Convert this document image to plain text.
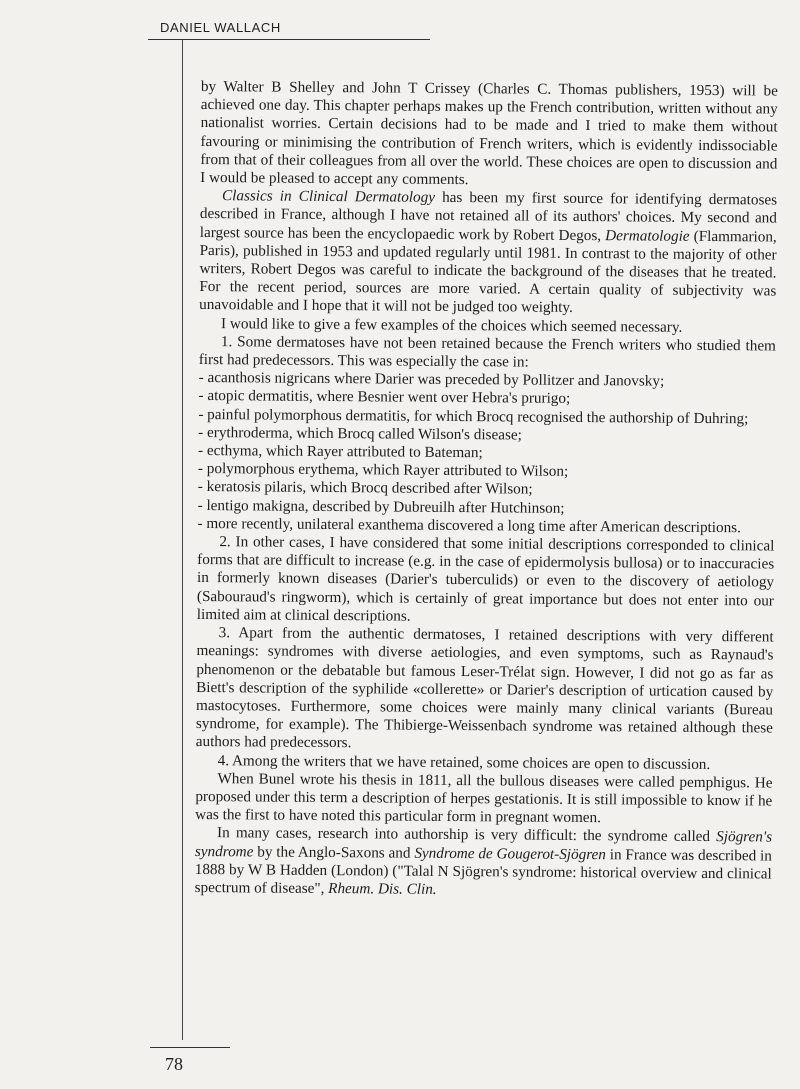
DANIEL WALLACH

by Walter B Shelley and John T Crissey (Charles C. Thomas publishers, 1953) will be achieved one day. This chapter perhaps makes up the French contribution, written without any nationalist worries. Certain decisions had to be made and I tried to make them without favouring or minimising the contribution of French writers, which is evidently indissociable from that of their colleagues from all over the world. These choices are open to discussion and I would be pleased to accept any comments.

Classics in Clinical Dermatology has been my first source for identifying dermatoses described in France, although I have not retained all of its authors' choices. My second and largest source has been the encyclopaedic work by Robert Degos, Dermatologie (Flammarion, Paris), published in 1953 and updated regularly until 1981. In contrast to the majority of other writers, Robert Degos was careful to indicate the background of the diseases that he treated. For the recent period, sources are more varied. A certain quality of subjectivity was unavoidable and I hope that it will not be judged too weighty.

I would like to give a few examples of the choices which seemed necessary.

1. Some dermatoses have not been retained because the French writers who studied them first had predecessors. This was especially the case in:

- acanthosis nigricans where Darier was preceded by Pollitzer and Janovsky;

- atopic dermatitis, where Besnier went over Hebra's prurigo;

- painful polymorphous dermatitis, for which Brocq recognised the authorship of Duhring;

- erythroderma, which Brocq called Wilson's disease;

- ecthyma, which Rayer attributed to Bateman;

- polymorphous erythema, which Rayer attributed to Wilson;

- keratosis pilaris, which Brocq described after Wilson;

- lentigo makigna, described by Dubreuilh after Hutchinson;

- more recently, unilateral exanthema discovered a long time after American descriptions.

2. In other cases, I have considered that some initial descriptions corresponded to clinical forms that are difficult to increase (e.g. in the case of epidermolysis bullosa) or to inaccuracies in formerly known diseases (Darier's tuberculids) or even to the discovery of aetiology (Sabouraud's ringworm), which is certainly of great importance but does not enter into our limited aim at clinical descriptions.

3. Apart from the authentic dermatoses, I retained descriptions with very different meanings: syndromes with diverse aetiologies, and even symptoms, such as Raynaud's phenomenon or the debatable but famous Leser-Trélat sign. However, I did not go as far as Biett's description of the syphilide «collerette» or Darier's description of urtication caused by mastocytoses. Furthermore, some choices were mainly many clinical variants (Bureau syndrome, for example). The Thibierge-Weissenbach syndrome was retained although these authors had predecessors.

4. Among the writers that we have retained, some choices are open to discussion.

When Bunel wrote his thesis in 1811, all the bullous diseases were called pemphigus. He proposed under this term a description of herpes gestationis. It is still impossible to know if he was the first to have noted this particular form in pregnant women.

In many cases, research into authorship is very difficult: the syndrome called Sjögren's syndrome by the Anglo-Saxons and Syndrome de Gougerot-Sjögren in France was described in 1888 by W B Hadden (London) ("Talal N Sjögren's syndrome: historical overview and clinical spectrum of disease", Rheum. Dis. Clin.

78
